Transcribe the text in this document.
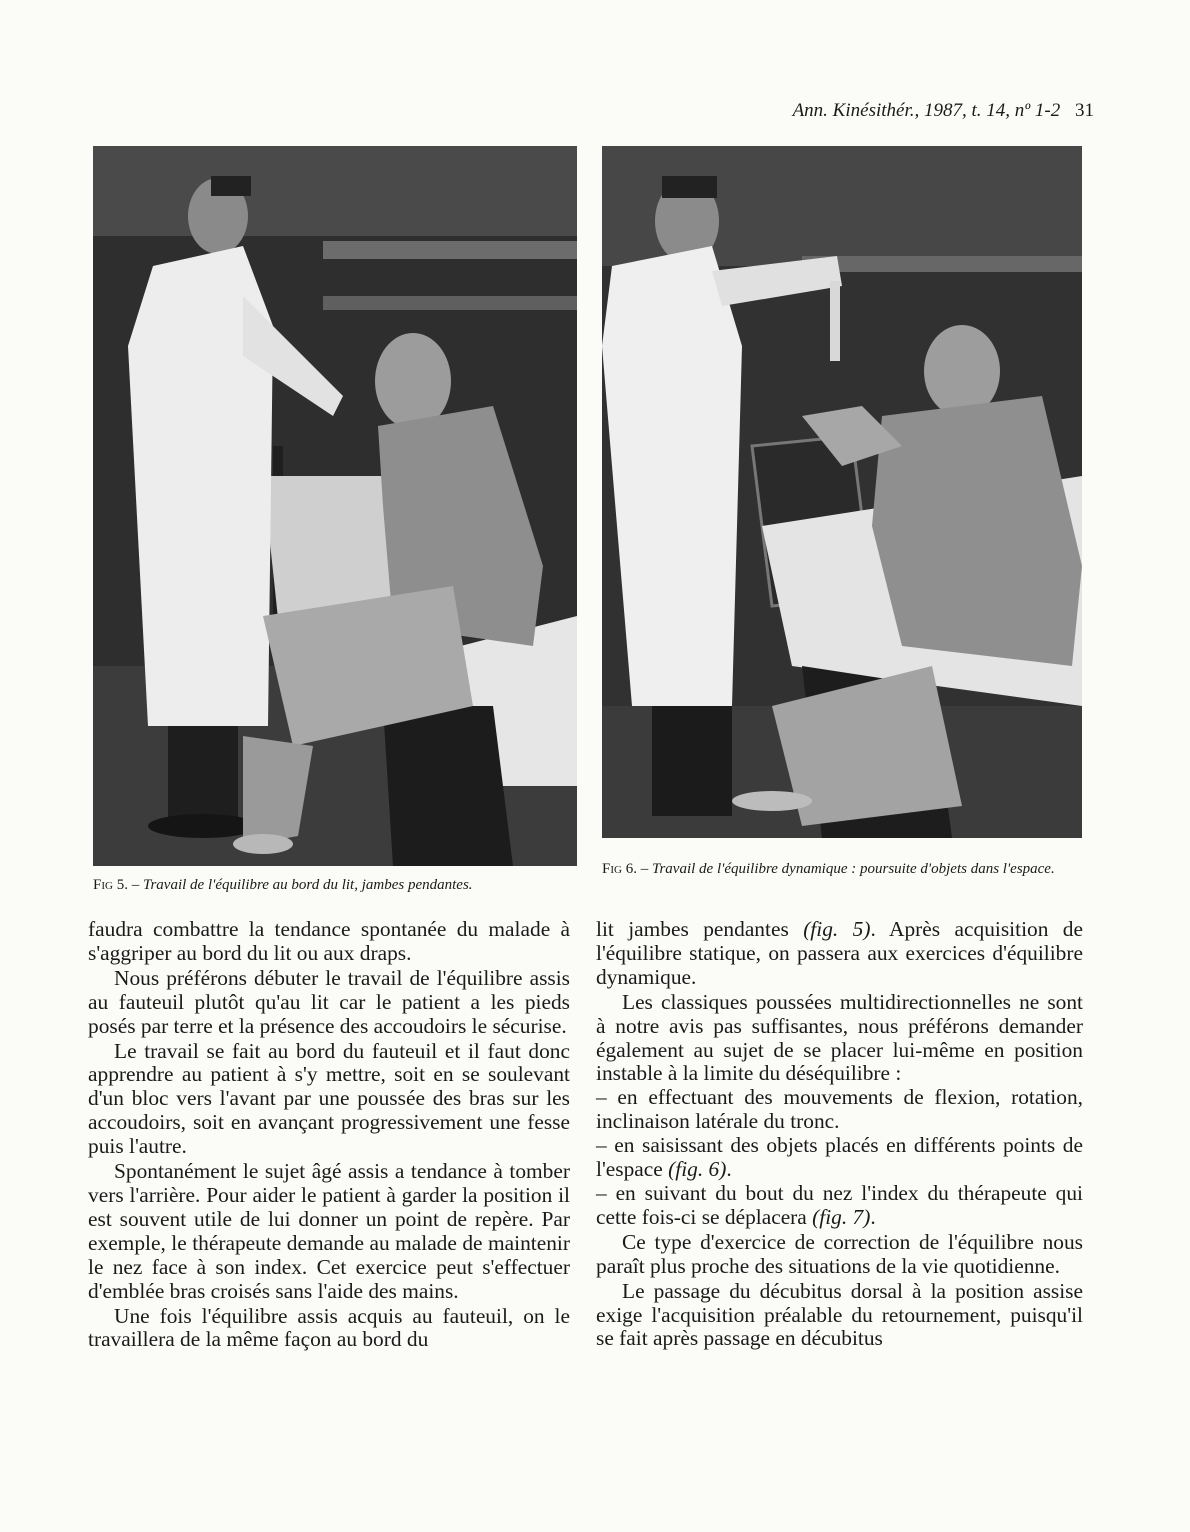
Ann. Kinésithér., 1987, t. 14, nº 1-2 31
Fig 5. – Travail de l'équilibre au bord du lit, jambes pendantes.
Fig 6. – Travail de l'équilibre dynamique : poursuite d'objets dans l'espace.

faudra combattre la tendance spontanée du malade à s'aggriper au bord du lit ou aux draps.

Nous préférons débuter le travail de l'équilibre assis au fauteuil plutôt qu'au lit car le patient a les pieds posés par terre et la présence des accoudoirs le sécurise.

Le travail se fait au bord du fauteuil et il faut donc apprendre au patient à s'y mettre, soit en se soulevant d'un bloc vers l'avant par une poussée des bras sur les accoudoirs, soit en avançant progressivement une fesse puis l'autre.

Spontanément le sujet âgé assis a tendance à tomber vers l'arrière. Pour aider le patient à garder la position il est souvent utile de lui donner un point de repère. Par exemple, le thérapeute demande au malade de maintenir le nez face à son index. Cet exercice peut s'effectuer d'emblée bras croisés sans l'aide des mains.

Une fois l'équilibre assis acquis au fauteuil, on le travaillera de la même façon au bord du

lit jambes pendantes (fig. 5). Après acquisition de l'équilibre statique, on passera aux exercices d'équilibre dynamique.

Les classiques poussées multidirectionnelles ne sont à notre avis pas suffisantes, nous préférons demander également au sujet de se placer lui-même en position instable à la limite du déséquilibre :

– en effectuant des mouvements de flexion, rotation, inclinaison latérale du tronc.

– en saisissant des objets placés en différents points de l'espace (fig. 6).

– en suivant du bout du nez l'index du thérapeute qui cette fois-ci se déplacera (fig. 7).

Ce type d'exercice de correction de l'équilibre nous paraît plus proche des situations de la vie quotidienne.

Le passage du décubitus dorsal à la position assise exige l'acquisition préalable du retournement, puisqu'il se fait après passage en décubitus
